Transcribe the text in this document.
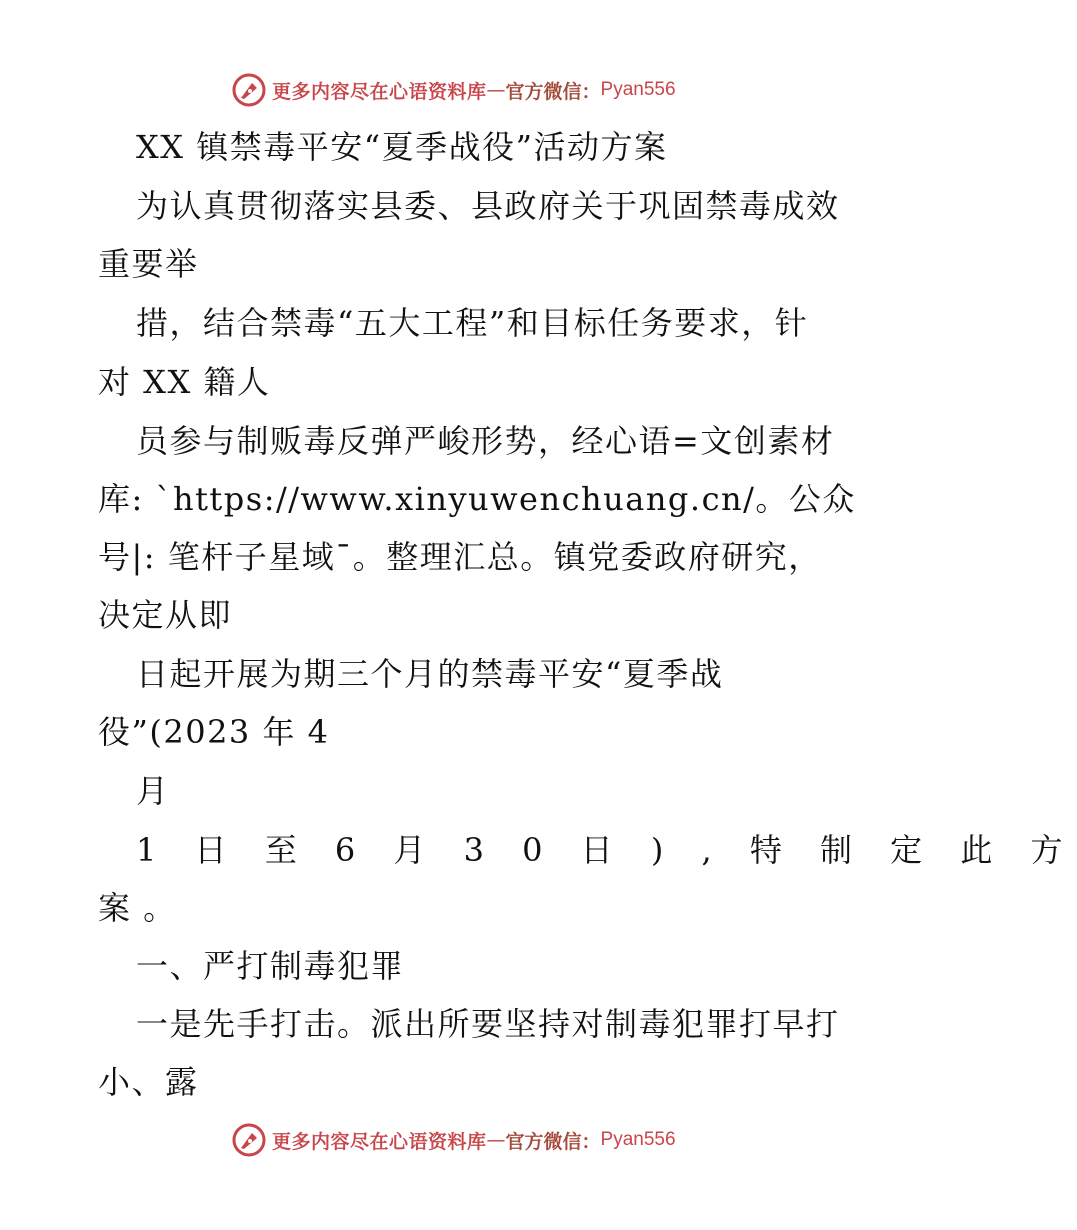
更多内容尽在心语资料库 — 官方微信： Pyan556
XX 镇禁毒平安“夏季战役”活动方案
为认真贯彻落实县委、县政府关于巩固禁毒成效
重要举
措，结合禁毒“五大工程”和目标任务要求，针
对 XX 籍人
员参与制贩毒反弹严峻形势，经心语=文创素材
库: `https://www.xinyuwenchuang.cn/。公众
号|: 笔杆子星域¯。整理汇总。镇党委政府研究，
决定从即
日起开展为期三个月的禁毒平安“夏季战
役”(2023 年 4
月
1 日 至 6 月 3 0 日 ) , 特 制 定 此 方
案 。
一、严打制毒犯罪
一是先手打击。派出所要坚持对制毒犯罪打早打
小、露
更多内容尽在心语资料库 — 官方微信： Pyan556
